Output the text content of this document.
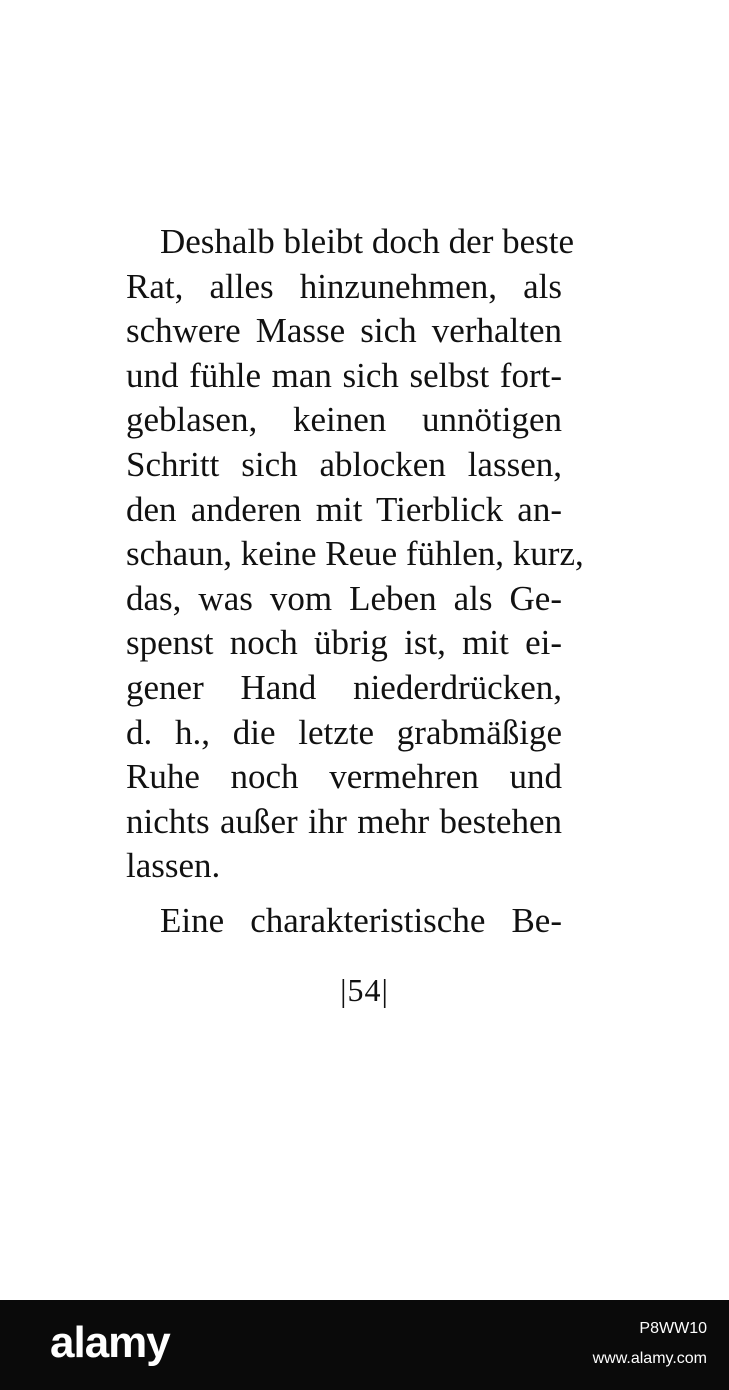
Deshalb bleibt doch der beste
Rat, alles hinzunehmen, als
schwere Masse sich verhalten
und fühle man sich selbst fort-
geblasen, keinen unnötigen
Schritt sich ablocken lassen,
den anderen mit Tierblick an-
schaun, keine Reue fühlen, kurz,
das, was vom Leben als Ge-
spenst noch übrig ist, mit ei-
gener Hand niederdrücken,
d. h., die letzte grabmäßige
Ruhe noch vermehren und
nichts außer ihr mehr bestehen
lassen.
Eine charakteristische Be-
|54|
alamy	P8WW10
www.alamy.com
